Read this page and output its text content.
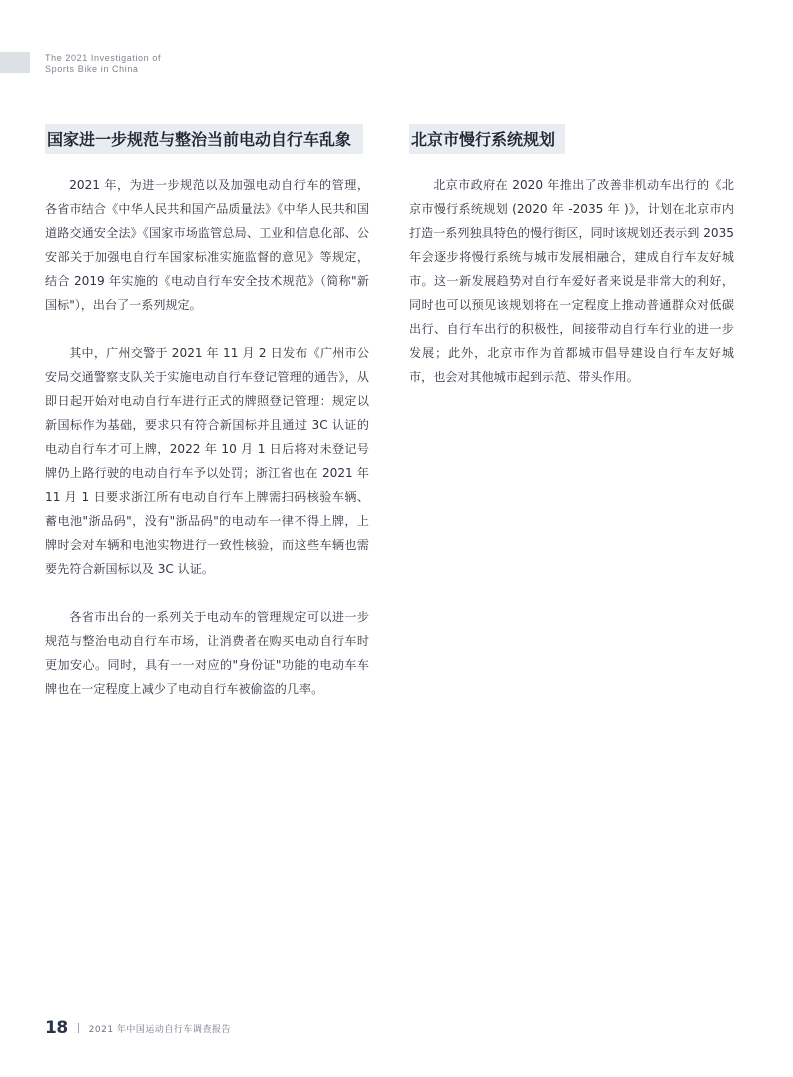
The 2021 Investigation of
Sports Bike in China
国家进一步规范与整治当前电动自行车乱象

2021 年，为进一步规范以及加强电动自行车的管理，各省市结合《中华人民共和国产品质量法》《中华人民共和国道路交通安全法》《国家市场监管总局、工业和信息化部、公安部关于加强电自行车国家标准实施监督的意见》等规定，结合 2019 年实施的《电动自行车安全技术规范》（简称"新国标"），出台了一系列规定。

其中，广州交警于 2021 年 11 月 2 日发布《广州市公安局交通警察支队关于实施电动自行车登记管理的通告》，从即日起开始对电动自行车进行正式的牌照登记管理：规定以新国标作为基础，要求只有符合新国标并且通过 3C 认证的电动自行车才可上牌，2022 年 10 月 1 日后将对未登记号牌仍上路行驶的电动自行车予以处罚；浙江省也在 2021 年 11 月 1 日要求浙江所有电动自行车上牌需扫码核验车辆、蓄电池"浙品码"，没有"浙品码"的电动车一律不得上牌，上牌时会对车辆和电池实物进行一致性核验，而这些车辆也需要先符合新国标以及 3C 认证。

各省市出台的一系列关于电动车的管理规定可以进一步规范与整治电动自行车市场，让消费者在购买电动自行车时更加安心。同时，具有一一对应的"身份证"功能的电动车车牌也在一定程度上减少了电动自行车被偷盗的几率。

北京市慢行系统规划

北京市政府在 2020 年推出了改善非机动车出行的《北京市慢行系统规划 (2020 年 -2035 年 )》，计划在北京市内打造一系列独具特色的慢行街区，同时该规划还表示到 2035 年会逐步将慢行系统与城市发展相融合，建成自行车友好城市。这一新发展趋势对自行车爱好者来说是非常大的利好，同时也可以预见该规划将在一定程度上推动普通群众对低碳出行、自行车出行的积极性，间接带动自行车行业的进一步发展；此外，北京市作为首都城市倡导建设自行车友好城市，也会对其他城市起到示范、带头作用。

18 2021 年中国运动自行车调查报告
